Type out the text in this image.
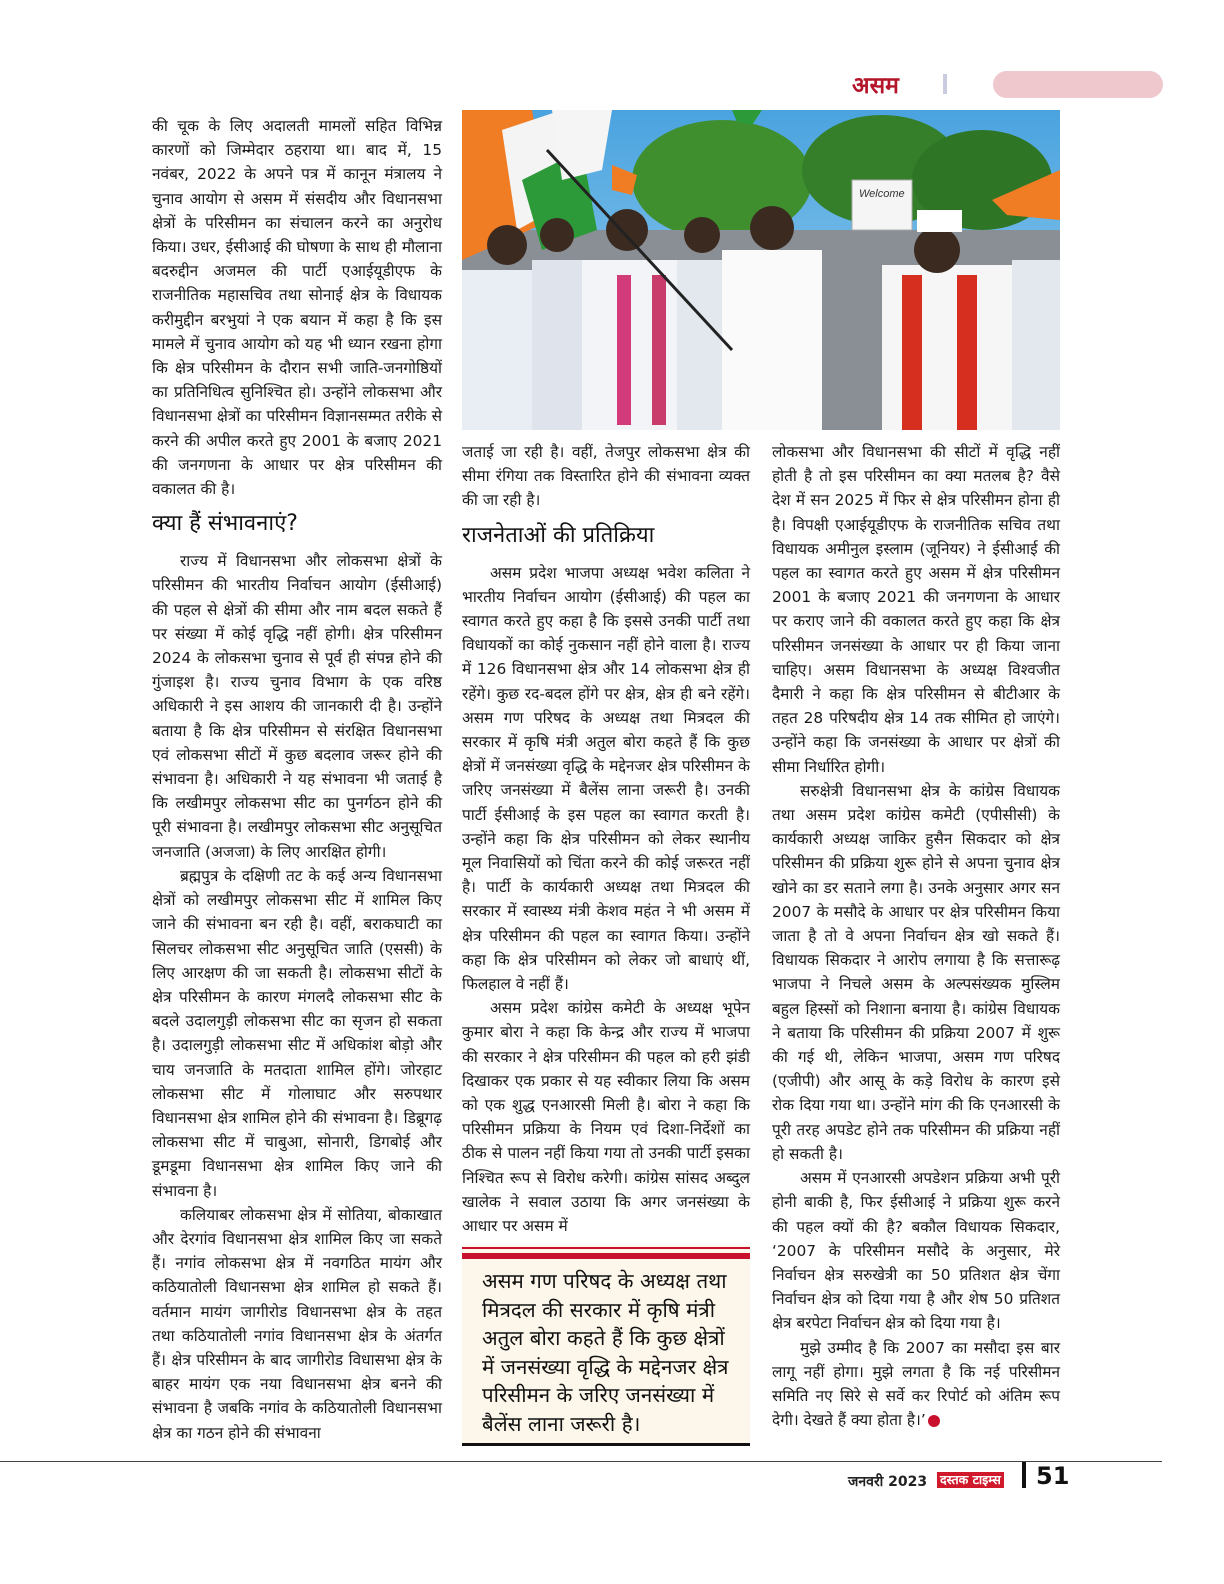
असम

की चूक के लिए अदालती मामलों सहित विभिन्न कारणों को जिम्मेदार ठहराया था। बाद में, 15 नवंबर, 2022 के अपने पत्र में कानून मंत्रालय ने चुनाव आयोग से असम में संसदीय और विधानसभा क्षेत्रों के परिसीमन का संचालन करने का अनुरोध किया। उधर, ईसीआई की घोषणा के साथ ही मौलाना बदरुद्दीन अजमल की पार्टी एआईयूडीएफ के राजनीतिक महासचिव तथा सोनाई क्षेत्र के विधायक करीमुद्दीन बरभुयां ने एक बयान में कहा है कि इस मामले में चुनाव आयोग को यह भी ध्यान रखना होगा कि क्षेत्र परिसीमन के दौरान सभी जाति-जनगोष्ठियों का प्रतिनिधित्व सुनिश्चित हो। उन्होंने लोकसभा और विधानसभा क्षेत्रों का परिसीमन विज्ञानसम्मत तरीके से करने की अपील करते हुए 2001 के बजाए 2021 की जनगणना के आधार पर क्षेत्र परिसीमन की वकालत की है।

क्या हैं संभावनाएं?

राज्य में विधानसभा और लोकसभा क्षेत्रों के परिसीमन की भारतीय निर्वाचन आयोग (ईसीआई) की पहल से क्षेत्रों की सीमा और नाम बदल सकते हैं पर संख्या में कोई वृद्धि नहीं होगी। क्षेत्र परिसीमन 2024 के लोकसभा चुनाव से पूर्व ही संपन्न होने की गुंजाइश है। राज्य चुनाव विभाग के एक वरिष्ठ अधिकारी ने इस आशय की जानकारी दी है। उन्होंने बताया है कि क्षेत्र परिसीमन से संरक्षित विधानसभा एवं लोकसभा सीटों में कुछ बदलाव जरूर होने की संभावना है। अधिकारी ने यह संभावना भी जताई है कि लखीमपुर लोकसभा सीट का पुनर्गठन होने की पूरी संभावना है। लखीमपुर लोकसभा सीट अनुसूचित जनजाति (अजजा) के लिए आरक्षित होगी।

ब्रह्मपुत्र के दक्षिणी तट के कई अन्य विधानसभा क्षेत्रों को लखीमपुर लोकसभा सीट में शामिल किए जाने की संभावना बन रही है। वहीं, बराकघाटी का सिलचर लोकसभा सीट अनुसूचित जाति (एससी) के लिए आरक्षण की जा सकती है। लोकसभा सीटों के क्षेत्र परिसीमन के कारण मंगलदै लोकसभा सीट के बदले उदालगुड़ी लोकसभा सीट का सृजन हो सकता है। उदालगुड़ी लोकसभा सीट में अधिकांश बोड़ो और चाय जनजाति के मतदाता शामिल होंगे। जोरहाट लोकसभा सीट में गोलाघाट और सरुपथार विधानसभा क्षेत्र शामिल होने की संभावना है। डिब्रूगढ़ लोकसभा सीट में चाबुआ, सोनारी, डिगबोई और डूमडूमा विधानसभा क्षेत्र शामिल किए जाने की संभावना है।

कलियाबर लोकसभा क्षेत्र में सोतिया, बोकाखात और देरगांव विधानसभा क्षेत्र शामिल किए जा सकते हैं। नगांव लोकसभा क्षेत्र में नवगठित मायंग और कठियातोली विधानसभा क्षेत्र शामिल हो सकते हैं। वर्तमान मायंग जागीरोड विधानसभा क्षेत्र के तहत तथा कठियातोली नगांव विधानसभा क्षेत्र के अंतर्गत हैं। क्षेत्र परिसीमन के बाद जागीरोड विधासभा क्षेत्र के बाहर मायंग एक नया विधानसभा क्षेत्र बनने की संभावना है जबकि नगांव के कठियातोली विधानसभा क्षेत्र का गठन होने की संभावना

Welcome

जताई जा रही है। वहीं, तेजपुर लोकसभा क्षेत्र की सीमा रंगिया तक विस्तारित होने की संभावना व्यक्त की जा रही है।

राजनेताओं की प्रतिक्रिया

असम प्रदेश भाजपा अध्यक्ष भवेश कलिता ने भारतीय निर्वाचन आयोग (ईसीआई) की पहल का स्वागत करते हुए कहा है कि इससे उनकी पार्टी तथा विधायकों का कोई नुकसान नहीं होने वाला है। राज्य में 126 विधानसभा क्षेत्र और 14 लोकसभा क्षेत्र ही रहेंगे। कुछ रद-बदल होंगे पर क्षेत्र, क्षेत्र ही बने रहेंगे। असम गण परिषद के अध्यक्ष तथा मित्रदल की सरकार में कृषि मंत्री अतुल बोरा कहते हैं कि कुछ क्षेत्रों में जनसंख्या वृद्धि के मद्देनजर क्षेत्र परिसीमन के जरिए जनसंख्या में बैलेंस लाना जरूरी है। उनकी पार्टी ईसीआई के इस पहल का स्वागत करती है। उन्होंने कहा कि क्षेत्र परिसीमन को लेकर स्थानीय मूल निवासियों को चिंता करने की कोई जरूरत नहीं है। पार्टी के कार्यकारी अध्यक्ष तथा मित्रदल की सरकार में स्वास्थ्य मंत्री केशव महंत ने भी असम में क्षेत्र परिसीमन की पहल का स्वागत किया। उन्होंने कहा कि क्षेत्र परिसीमन को लेकर जो बाधाएं थीं, फिलहाल वे नहीं हैं।

असम प्रदेश कांग्रेस कमेटी के अध्यक्ष भूपेन कुमार बोरा ने कहा कि केन्द्र और राज्य में भाजपा की सरकार ने क्षेत्र परिसीमन की पहल को हरी झंडी दिखाकर एक प्रकार से यह स्वीकार लिया कि असम को एक शुद्ध एनआरसी मिली है। बोरा ने कहा कि परिसीमन प्रक्रिया के नियम एवं दिशा-निर्देशों का ठीक से पालन नहीं किया गया तो उनकी पार्टी इसका निश्चित रूप से विरोध करेगी। कांग्रेस सांसद अब्दुल खालेक ने सवाल उठाया कि अगर जनसंख्या के आधार पर असम में

असम गण परिषद के अध्यक्ष तथा मित्रदल की सरकार में कृषि मंत्री अतुल बोरा कहते हैं कि कुछ क्षेत्रों में जनसंख्या वृद्धि के मद्देनजर क्षेत्र परिसीमन के जरिए जनसंख्या में बैलेंस लाना जरूरी है।

लोकसभा और विधानसभा की सीटों में वृद्धि नहीं होती है तो इस परिसीमन का क्या मतलब है? वैसे देश में सन 2025 में फिर से क्षेत्र परिसीमन होना ही है। विपक्षी एआईयूडीएफ के राजनीतिक सचिव तथा विधायक अमीनुल इस्लाम (जूनियर) ने ईसीआई की पहल का स्वागत करते हुए असम में क्षेत्र परिसीमन 2001 के बजाए 2021 की जनगणना के आधार पर कराए जाने की वकालत करते हुए कहा कि क्षेत्र परिसीमन जनसंख्या के आधार पर ही किया जाना चाहिए। असम विधानसभा के अध्यक्ष विश्वजीत दैमारी ने कहा कि क्षेत्र परिसीमन से बीटीआर के तहत 28 परिषदीय क्षेत्र 14 तक सीमित हो जाएंगे। उन्होंने कहा कि जनसंख्या के आधार पर क्षेत्रों की सीमा निर्धारित होगी।

सरुक्षेत्री विधानसभा क्षेत्र के कांग्रेस विधायक तथा असम प्रदेश कांग्रेस कमेटी (एपीसीसी) के कार्यकारी अध्यक्ष जाकिर हुसैन सिकदार को क्षेत्र परिसीमन की प्रक्रिया शुरू होने से अपना चुनाव क्षेत्र खोने का डर सताने लगा है। उनके अनुसार अगर सन 2007 के मसौदे के आधार पर क्षेत्र परिसीमन किया जाता है तो वे अपना निर्वाचन क्षेत्र खो सकते हैं। विधायक सिकदार ने आरोप लगाया है कि सत्तारूढ़ भाजपा ने निचले असम के अल्पसंख्यक मुस्लिम बहुल हिस्सों को निशाना बनाया है। कांग्रेस विधायक ने बताया कि परिसीमन की प्रक्रिया 2007 में शुरू की गई थी, लेकिन भाजपा, असम गण परिषद (एजीपी) और आसू के कड़े विरोध के कारण इसे रोक दिया गया था। उन्होंने मांग की कि एनआरसी के पूरी तरह अपडेट होने तक परिसीमन की प्रक्रिया नहीं हो सकती है।

असम में एनआरसी अपडेशन प्रक्रिया अभी पूरी होनी बाकी है, फिर ईसीआई ने प्रक्रिया शुरू करने की पहल क्यों की है? बकौल विधायक सिकदार, ‘2007 के परिसीमन मसौदे के अनुसार, मेरे निर्वाचन क्षेत्र सरुखेत्री का 50 प्रतिशत क्षेत्र चेंगा निर्वाचन क्षेत्र को दिया गया है और शेष 50 प्रतिशत क्षेत्र बरपेटा निर्वाचन क्षेत्र को दिया गया है।

मुझे उम्मीद है कि 2007 का मसौदा इस बार लागू नहीं होगा। मुझे लगता है कि नई परिसीमन समिति नए सिरे से सर्वे कर रिपोर्ट को अंतिम रूप देगी। देखते हैं क्या होता है।’

जनवरी 2023 दस्तक टाइम्स 51
